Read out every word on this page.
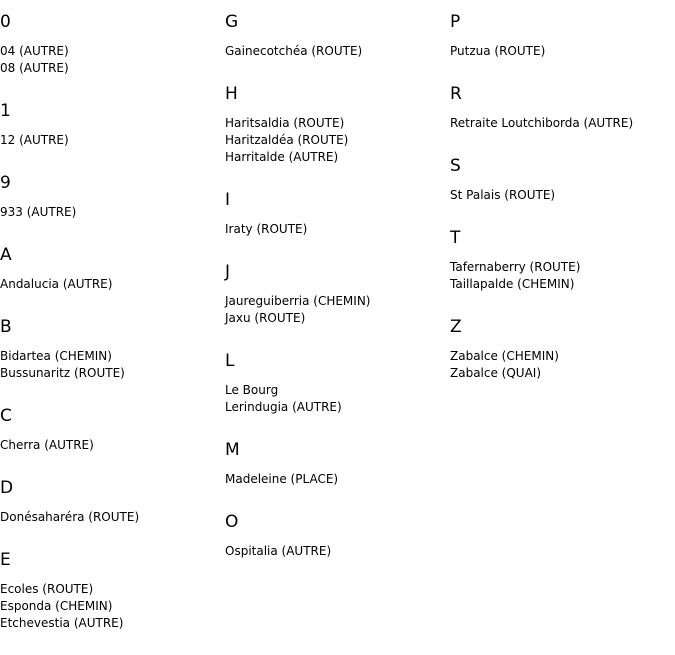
0
04 (AUTRE)
08 (AUTRE)
1
12 (AUTRE)
9
933 (AUTRE)
A
Andalucia (AUTRE)
B
Bidartea (CHEMIN)
Bussunaritz (ROUTE)
C
Cherra (AUTRE)
D
Donésaharéra (ROUTE)
E
Ecoles (ROUTE)
Esponda (CHEMIN)
Etchevestia (AUTRE)
G
Gainecotchéa (ROUTE)
H
Haritsaldia (ROUTE)
Haritzaldéa (ROUTE)
Harritalde (AUTRE)
I
Iraty (ROUTE)
J
Jaureguiberria (CHEMIN)
Jaxu (ROUTE)
L
Le Bourg
Lerindugia (AUTRE)
M
Madeleine (PLACE)
O
Ospitalia (AUTRE)
P
Putzua (ROUTE)
R
Retraite Loutchiborda (AUTRE)
S
St Palais (ROUTE)
T
Tafernaberry (ROUTE)
Taillapalde (CHEMIN)
Z
Zabalce (CHEMIN)
Zabalce (QUAI)
